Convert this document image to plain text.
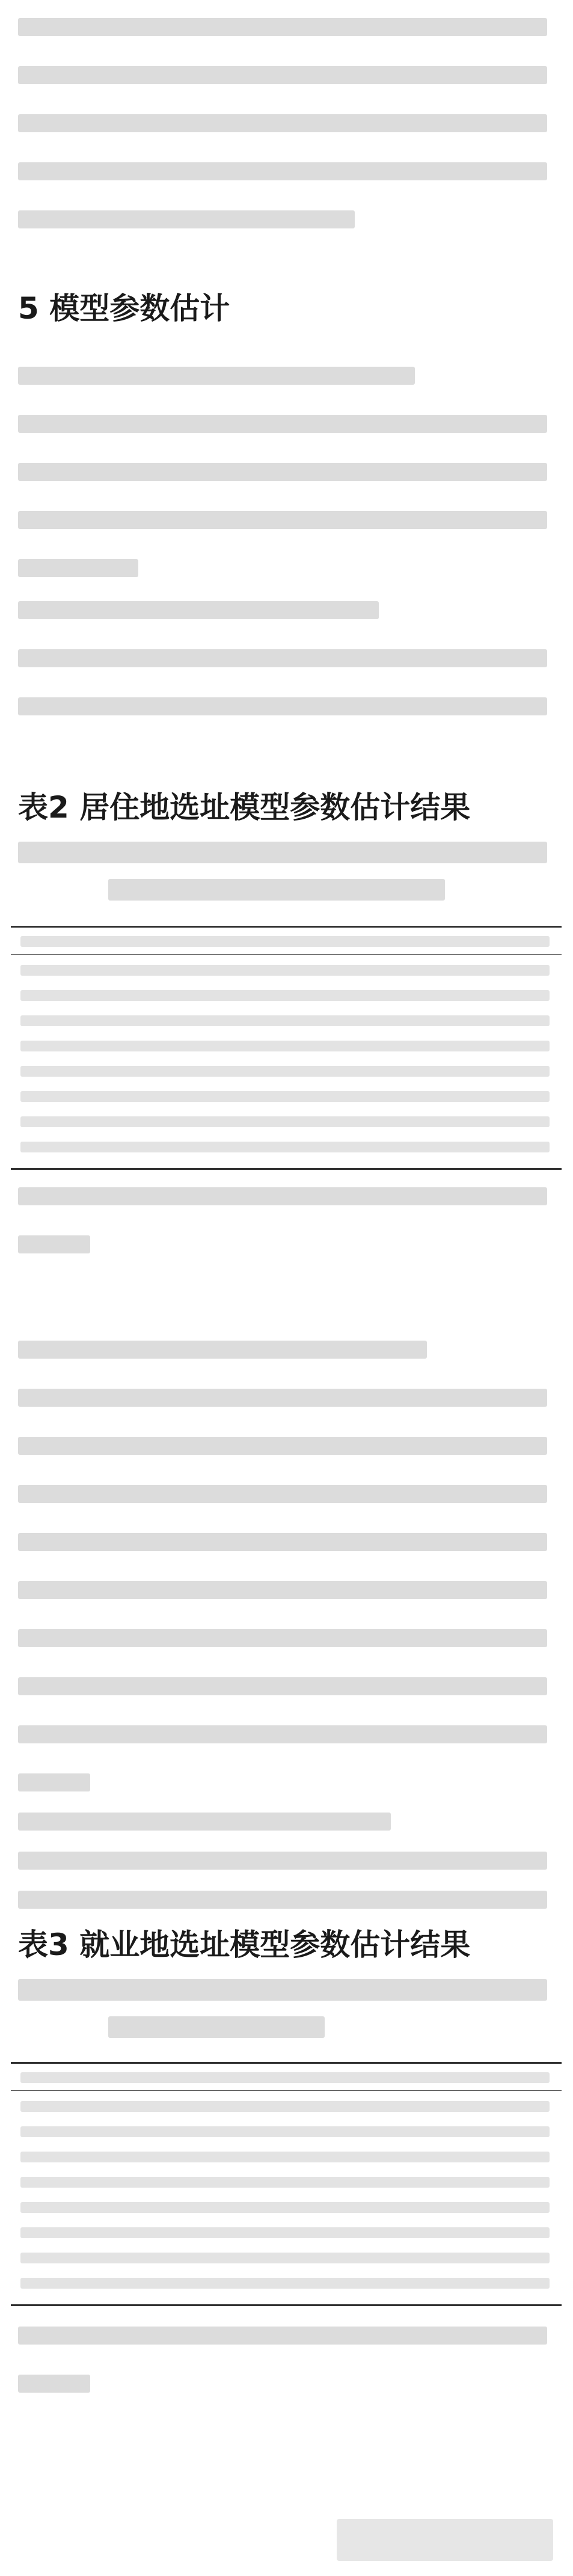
5 模型参数估计
表2 居住地选址模型参数估计结果
表3 就业地选址模型参数估计结果
